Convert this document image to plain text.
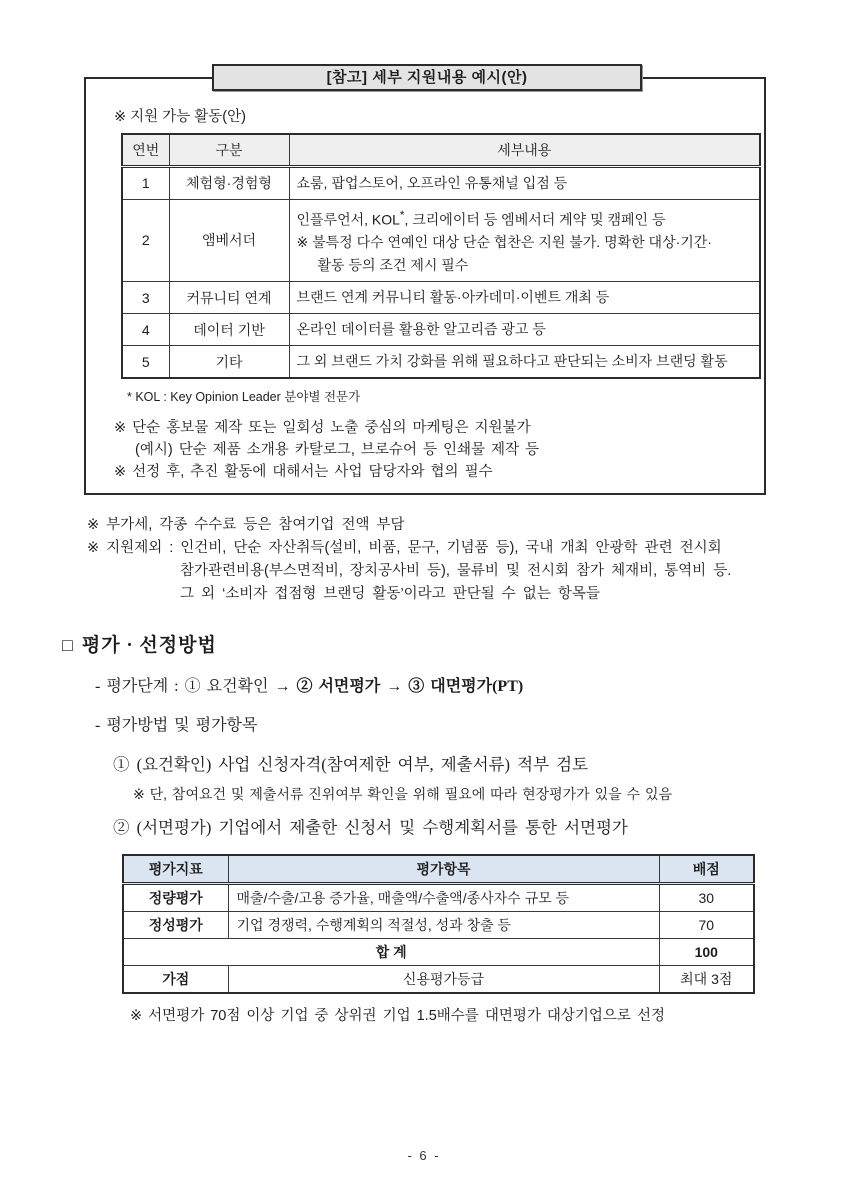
[참고] 세부 지원내용 예시(안)
※ 지원 가능 활동(안)
연번	구분	세부내용
1	체험형·경험형	쇼룸, 팝업스토어, 오프라인 유통채널 입점 등
2	앰베서더	인플루언서, KOL*, 크리에이터 등 엠베서더 계약 및 캠페인 등
※ 불특정 다수 연예인 대상 단순 협찬은 지원 불가. 명확한 대상·기간·
활동 등의 조건 제시 필수

3	커뮤니티 연계	브랜드 연계 커뮤니티 활동·아카데미·이벤트 개최 등
4	데이터 기반	온라인 데이터를 활용한 알고리즘 광고 등
5	기타	그 외 브랜드 가치 강화를 위해 필요하다고 판단되는 소비자 브랜딩 활동
* KOL : Key Opinion Leader 분야별 전문가
※ 단순 홍보물 제작 또는 일회성 노출 중심의 마케팅은 지원불가
(예시) 단순 제품 소개용 카탈로그, 브로슈어 등 인쇄물 제작 등
※ 선정 후, 추진 활동에 대해서는 사업 담당자와 협의 필수
※ 부가세, 각종 수수료 등은 참여기업 전액 부담
※ 지원제외 : 인건비, 단순 자산취득(설비, 비품, 문구, 기념품 등), 국내 개최 안광학 관련 전시회
참가관련비용(부스면적비, 장치공사비 등), 물류비 및 전시회 참가 체재비, 통역비 등.
그 외 ‘소비자 접점형 브랜딩 활동’이라고 판단될 수 없는 항목들
□ 평가 · 선정방법
- 평가단계 : ① 요건확인 → ② 서면평가 → ③ 대면평가(PT)
- 평가방법 및 평가항목
① (요건확인) 사업 신청자격(참여제한 여부, 제출서류) 적부 검토
※ 단, 참여요건 및 제출서류 진위여부 확인을 위해 필요에 따라 현장평가가 있을 수 있음
② (서면평가) 기업에서 제출한 신청서 및 수행계획서를 통한 서면평가
평가지표	평가항목	배점
정량평가	매출/수출/고용 증가율, 매출액/수출액/종사자수 규모 등	30
정성평가	기업 경쟁력, 수행계획의 적절성, 성과 창출 등	70
합 계		100
가점	신용평가등급	최대 3점
※ 서면평가 70점 이상 기업 중 상위권 기업 1.5배수를 대면평가 대상기업으로 선정
- 6 -
